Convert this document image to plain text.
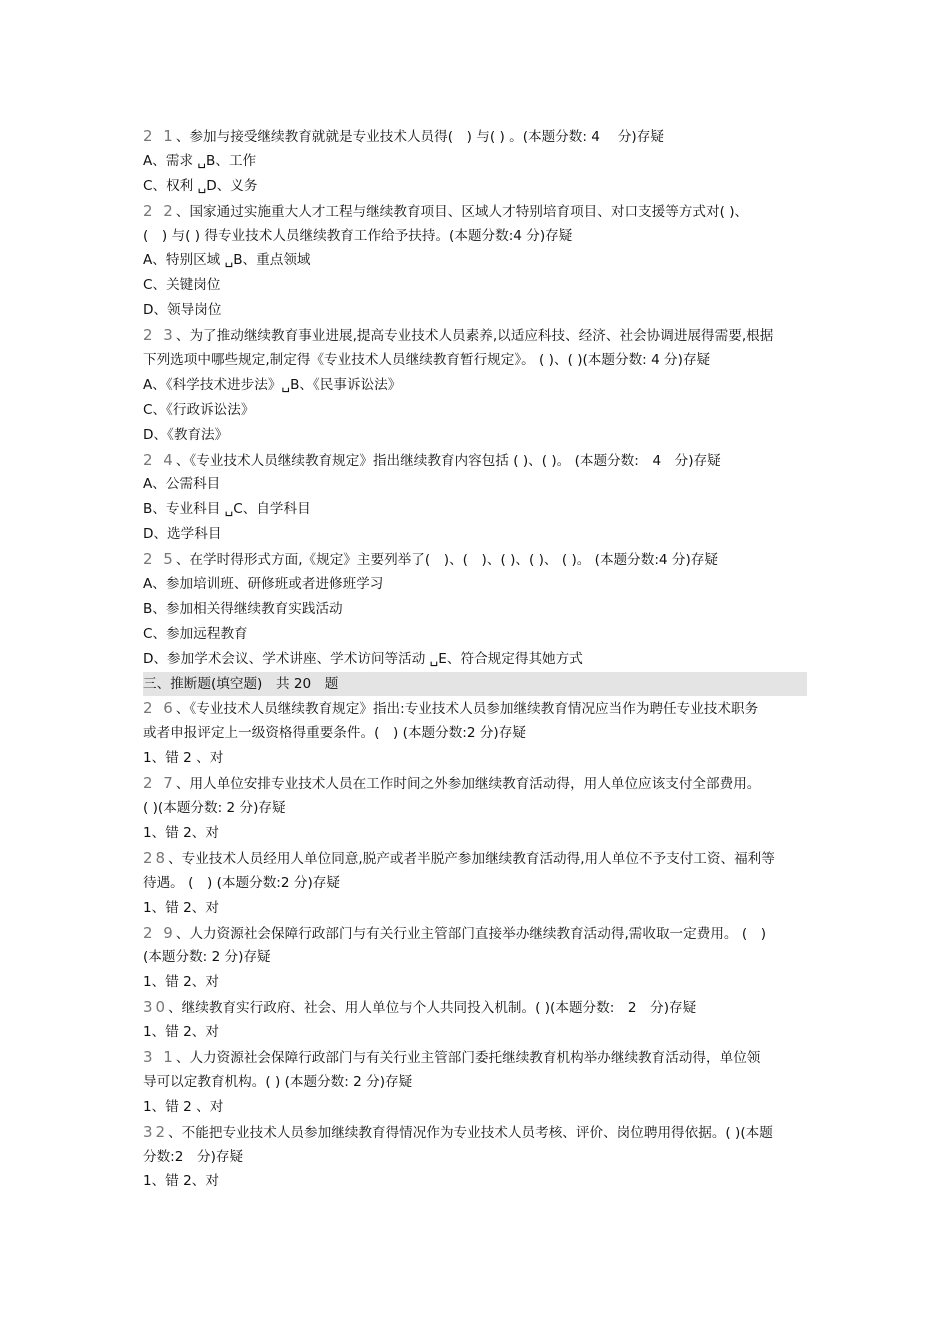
2 1、参加与接受继续教育就就是专业技术人员得(　) 与( ) 。(本题分数: 4　 分)存疑
A、需求 ␣B、工作
C、权利 ␣D、义务
2 2、国家通过实施重大人才工程与继续教育项目、区域人才特别培育项目、对口支援等方式对( )、
(　) 与( ) 得专业技术人员继续教育工作给予扶持。(本题分数:4 分)存疑
A、特别区域 ␣B、重点领域
C、关键岗位
D、领导岗位
2 3、为了推动继续教育事业进展,提高专业技术人员素养,以适应科技、经济、社会协调进展得需要,根据
下列选项中哪些规定,制定得《专业技术人员继续教育暂行规定》。 ( )、( )(本题分数: 4 分)存疑
A、《科学技术进步法》␣B、《民事诉讼法》
C、《行政诉讼法》
D、《教育法》
2 4、《专业技术人员继续教育规定》指出继续教育内容包括 ( )、( )。 (本题分数:　4　分)存疑
A、公需科目
B、专业科目 ␣C、自学科目
D、选学科目
2 5、在学时得形式方面,《规定》主要列举了(　)、(　)、( )、( )、 ( )。 (本题分数:4 分)存疑
A、参加培训班、研修班或者进修班学习
B、参加相关得继续教育实践活动
C、参加远程教育
D、参加学术会议、学术讲座、学术访问等活动 ␣E、符合规定得其她方式
三、推断题(填空题)　共 20　题
2 6、《专业技术人员继续教育规定》指出:专业技术人员参加继续教育情况应当作为聘任专业技术职务
或者申报评定上一级资格得重要条件。(　) (本题分数:2 分)存疑
1、错 2 、对
2 7、用人单位安排专业技术人员在工作时间之外参加继续教育活动得，用人单位应该支付全部费用。
( )(本题分数: 2 分)存疑
1、错 2、对
28、专业技术人员经用人单位同意,脱产或者半脱产参加继续教育活动得,用人单位不予支付工资、福利等
待遇。 (　) (本题分数:2 分)存疑
1、错 2、对
2 9、人力资源社会保障行政部门与有关行业主管部门直接举办继续教育活动得,需收取一定费用。 (　)
(本题分数: 2 分)存疑
1、错 2、对
30、继续教育实行政府、社会、用人单位与个人共同投入机制。( )(本题分数:　2　分)存疑
1、错 2、对
3 1、人力资源社会保障行政部门与有关行业主管部门委托继续教育机构举办继续教育活动得，单位领
导可以定教育机构。( ) (本题分数: 2 分)存疑
1、错 2 、对
32、不能把专业技术人员参加继续教育得情况作为专业技术人员考核、评价、岗位聘用得依据。( )(本题
分数:2　分)存疑
1、错 2、对
